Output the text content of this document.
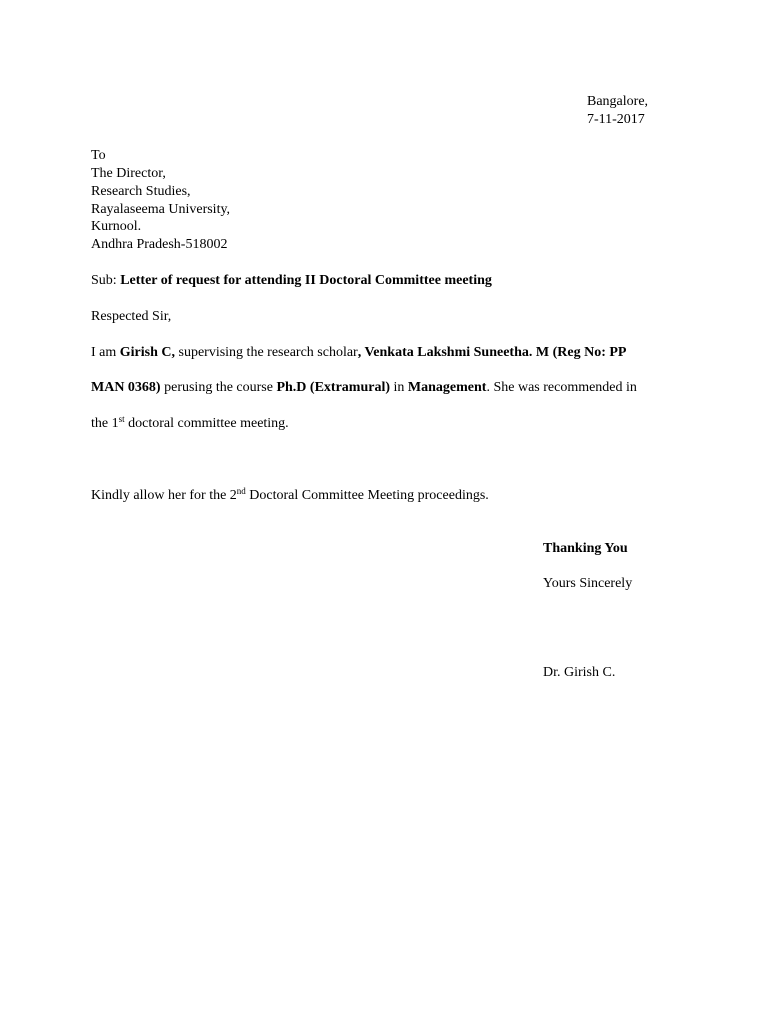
Bangalore,
7-11-2017
To
The Director,
Research Studies,
Rayalaseema University,
Kurnool.
Andhra Pradesh-518002
Sub: Letter of request for attending II Doctoral Committee meeting
Respected Sir,
I am Girish C, supervising the research scholar, Venkata Lakshmi Suneetha. M (Reg No: PP
MAN 0368) perusing the course Ph.D (Extramural) in Management. She was recommended in
the 1st doctoral committee meeting.
Kindly allow her for the 2nd Doctoral Committee Meeting proceedings.
Thanking You
Yours Sincerely
Dr. Girish C.
